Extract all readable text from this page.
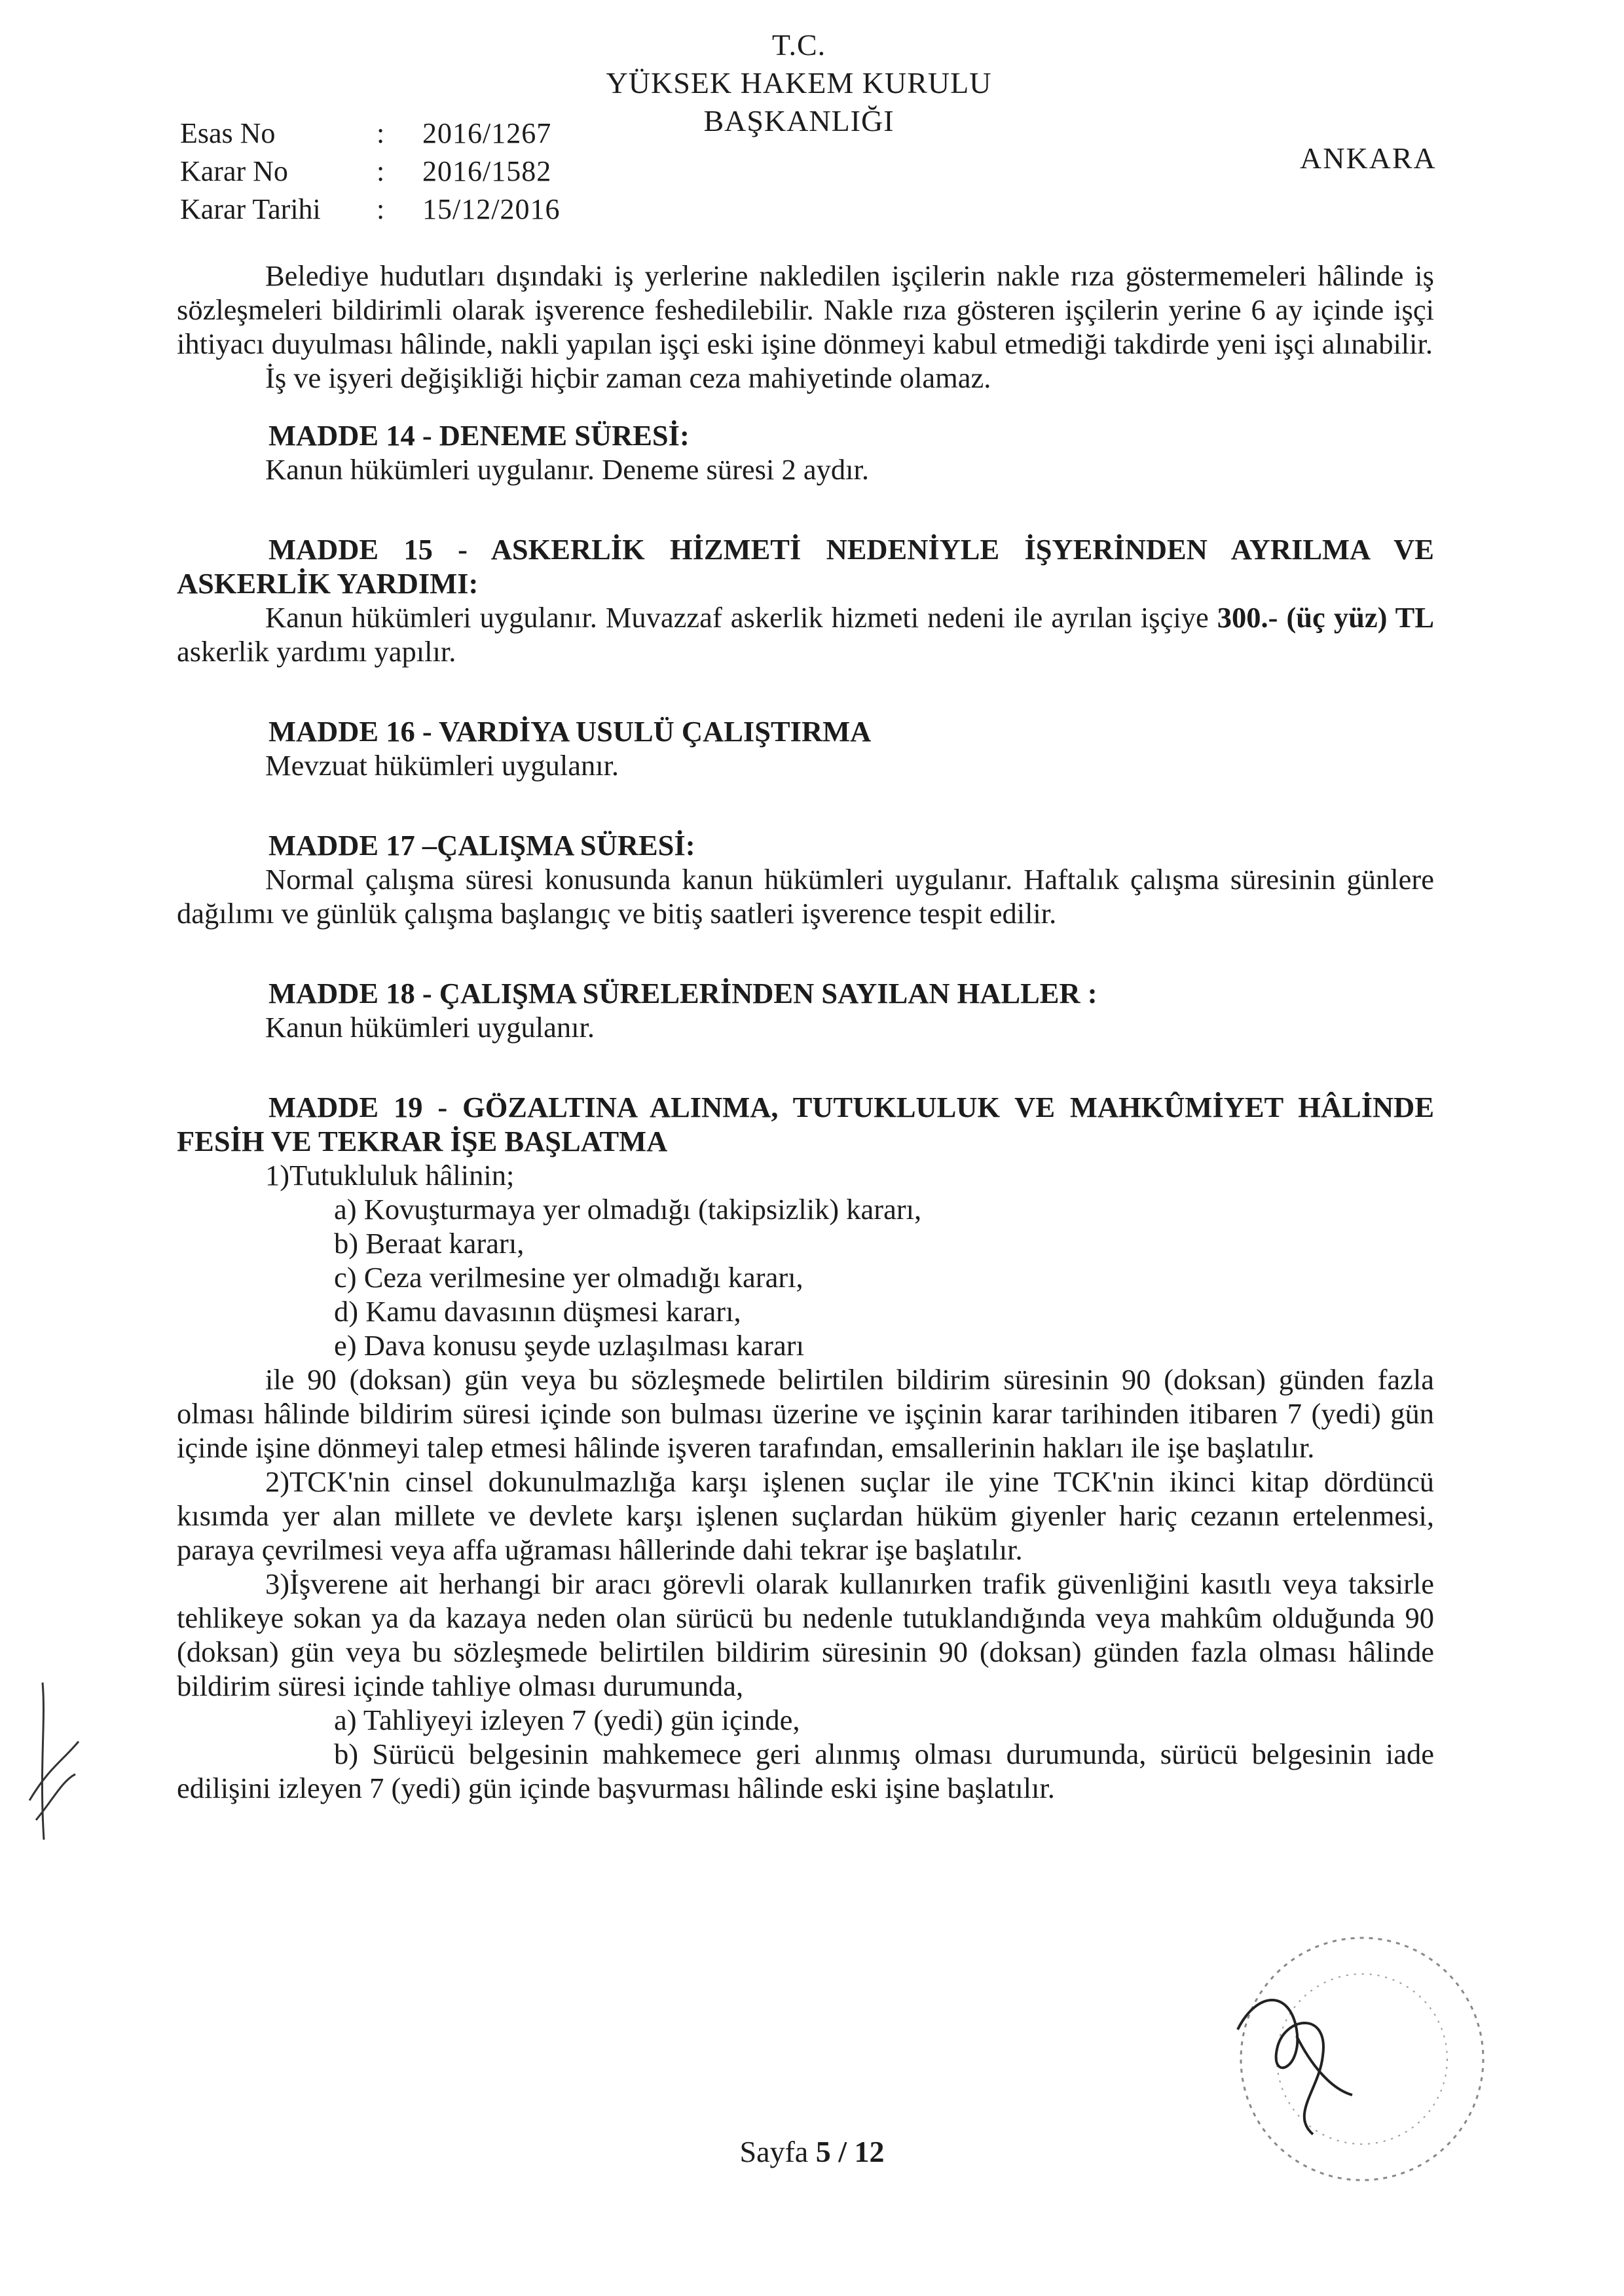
T.C.
YÜKSEK HAKEM KURULU
BAŞKANLIĞI
Esas No	:	2016/1267
Karar No	:	2016/1582
Karar Tarihi	:	15/12/2016
ANKARA

Belediye hudutları dışındaki iş yerlerine nakledilen işçilerin nakle rıza göstermemeleri hâlinde iş sözleşmeleri bildirimli olarak işverence feshedilebilir. Nakle rıza gösteren işçilerin yerine 6 ay içinde işçi ihtiyacı duyulması hâlinde, nakli yapılan işçi eski işine dönmeyi kabul etmediği takdirde yeni işçi alınabilir.

İş ve işyeri değişikliği hiçbir zaman ceza mahiyetinde olamaz.

MADDE 14 - DENEME SÜRESİ:

Kanun hükümleri uygulanır. Deneme süresi 2 aydır.

MADDE 15 - ASKERLİK HİZMETİ NEDENİYLE İŞYERİNDEN AYRILMA VE ASKERLİK YARDIMI:

Kanun hükümleri uygulanır. Muvazzaf askerlik hizmeti nedeni ile ayrılan işçiye 300.- (üç yüz) TL askerlik yardımı yapılır.

MADDE 16 - VARDİYA USULÜ ÇALIŞTIRMA

Mevzuat hükümleri uygulanır.

MADDE 17 –ÇALIŞMA SÜRESİ:

Normal çalışma süresi konusunda kanun hükümleri uygulanır. Haftalık çalışma süresinin günlere dağılımı ve günlük çalışma başlangıç ve bitiş saatleri işverence tespit edilir.

MADDE 18 - ÇALIŞMA SÜRELERİNDEN SAYILAN HALLER :

Kanun hükümleri uygulanır.

MADDE 19 - GÖZALTINA ALINMA, TUTUKLULUK VE MAHKÛMİYET HÂLİNDE FESİH VE TEKRAR İŞE BAŞLATMA

1)Tutukluluk hâlinin;

a) Kovuşturmaya yer olmadığı (takipsizlik) kararı,

b) Beraat kararı,

c) Ceza verilmesine yer olmadığı kararı,

d) Kamu davasının düşmesi kararı,

e) Dava konusu şeyde uzlaşılması kararı

ile 90 (doksan) gün veya bu sözleşmede belirtilen bildirim süresinin 90 (doksan) günden fazla olması hâlinde bildirim süresi içinde son bulması üzerine ve işçinin karar tarihinden itibaren 7 (yedi) gün içinde işine dönmeyi talep etmesi hâlinde işveren tarafından, emsallerinin hakları ile işe başlatılır.

2)TCK'nin cinsel dokunulmazlığa karşı işlenen suçlar ile yine TCK'nin ikinci kitap dördüncü kısımda yer alan millete ve devlete karşı işlenen suçlardan hüküm giyenler hariç cezanın ertelenmesi, paraya çevrilmesi veya affa uğraması hâllerinde dahi tekrar işe başlatılır.

3)İşverene ait herhangi bir aracı görevli olarak kullanırken trafik güvenliğini kasıtlı veya taksirle tehlikeye sokan ya da kazaya neden olan sürücü bu nedenle tutuklandığında veya mahkûm olduğunda 90 (doksan) gün veya bu sözleşmede belirtilen bildirim süresinin 90 (doksan) günden fazla olması hâlinde bildirim süresi içinde tahliye olması durumunda,

a) Tahliyeyi izleyen 7 (yedi) gün içinde,

b) Sürücü belgesinin mahkemece geri alınmış olması durumunda, sürücü belgesinin iade edilişini izleyen 7 (yedi) gün içinde başvurması hâlinde eski işine başlatılır.

Sayfa 5 / 12
